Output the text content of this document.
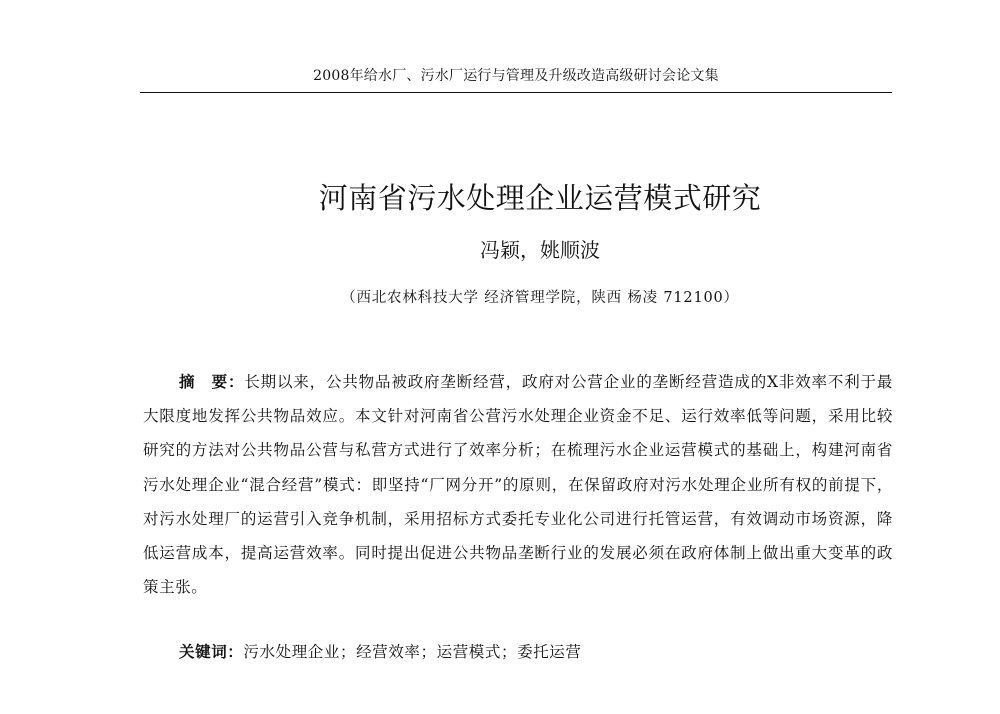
2008年给水厂、污水厂运行与管理及升级改造高级研讨会论文集
河南省污水处理企业运营模式研究
冯颖，姚顺波
（西北农林科技大学 经济管理学院，陕西 杨凌 712100）
摘　要：长期以来，公共物品被政府垄断经营，政府对公营企业的垄断经营造成的X非效率不利于最大限度地发挥公共物品效应。本文针对河南省公营污水处理企业资金不足、运行效率低等问题，采用比较研究的方法对公共物品公营与私营方式进行了效率分析；在梳理污水企业运营模式的基础上，构建河南省污水处理企业“混合经营”模式：即坚持“厂网分开”的原则，在保留政府对污水处理企业所有权的前提下，对污水处理厂的运营引入竞争机制，采用招标方式委托专业化公司进行托管运营，有效调动市场资源，降低运营成本，提高运营效率。同时提出促进公共物品垄断行业的发展必须在政府体制上做出重大变革的政策主张。
关键词：污水处理企业；经营效率；运营模式；委托运营
